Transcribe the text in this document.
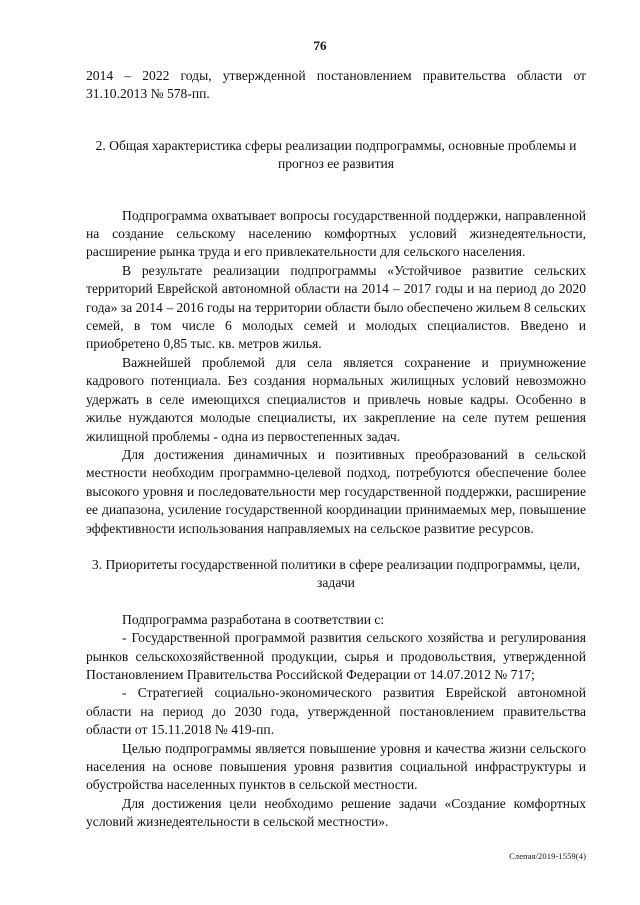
76

2014 – 2022 годы, утвержденной постановлением правительства области от 31.10.2013 № 578-пп.

2. Общая характеристика сферы реализации подпрограммы, основные проблемы и прогноз ее развития

Подпрограмма охватывает вопросы государственной поддержки, направленной на создание сельскому населению комфортных условий жизнедеятельности, расширение рынка труда и его привлекательности для сельского населения.

В результате реализации подпрограммы «Устойчивое развитие сельских территорий Еврейской автономной области на 2014 – 2017 годы и на период до 2020 года» за 2014 – 2016 годы на территории области было обеспечено жильем 8 сельских семей, в том числе 6 молодых семей и молодых специалистов. Введено и приобретено 0,85 тыс. кв. метров жилья.

Важнейшей проблемой для села является сохранение и приумножение кадрового потенциала. Без создания нормальных жилищных условий невозможно удержать в селе имеющихся специалистов и привлечь новые кадры. Особенно в жилье нуждаются молодые специалисты, их закрепление на селе путем решения жилищной проблемы - одна из первостепенных задач.

Для достижения динамичных и позитивных преобразований в сельской местности необходим программно-целевой подход, потребуются обеспечение более высокого уровня и последовательности мер государственной поддержки, расширение ее диапазона, усиление государственной координации принимаемых мер, повышение эффективности использования направляемых на сельское развитие ресурсов.

3. Приоритеты государственной политики в сфере реализации подпрограммы, цели, задачи

Подпрограмма разработана в соответствии с:

- Государственной программой развития сельского хозяйства и регулирования рынков сельскохозяйственной продукции, сырья и продовольствия, утвержденной Постановлением Правительства Российской Федерации от 14.07.2012 № 717;

- Стратегией социально-экономического развития Еврейской автономной области на период до 2030 года, утвержденной постановлением правительства области от 15.11.2018 № 419-пп.

Целью подпрограммы является повышение уровня и качества жизни сельского населения на основе повышения уровня развития социальной инфраструктуры и обустройства населенных пунктов в сельской местности.

Для достижения цели необходимо решение задачи «Создание комфортных условий жизнедеятельности в сельской местности».

Слепая/2019-1559(4)
